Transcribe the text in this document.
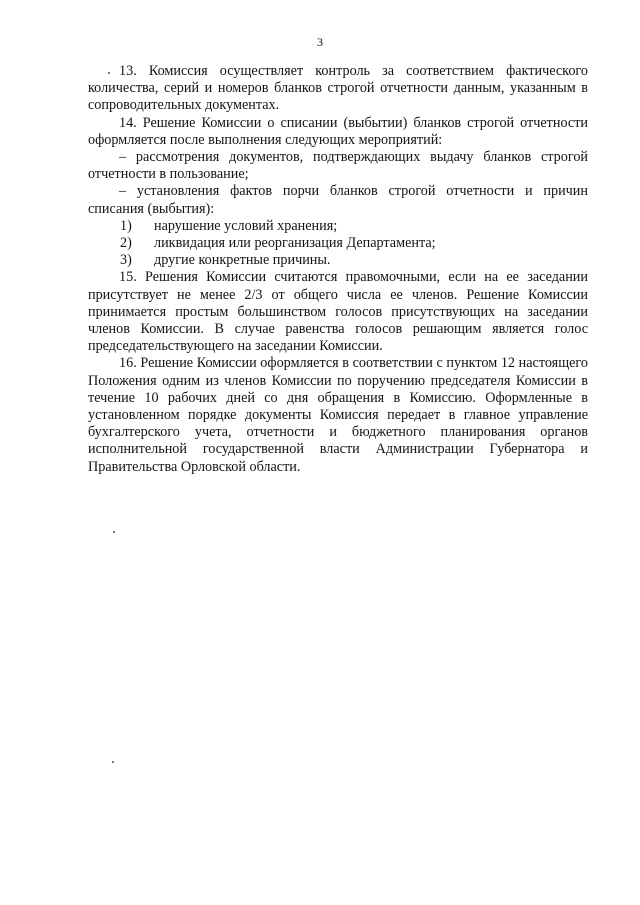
3

13. Комиссия осуществляет контроль за соответствием фактического количества, серий и номеров бланков строгой отчетности данным, указанным в сопроводительных документах.

14. Решение Комиссии о списании (выбытии) бланков строгой отчетности оформляется после выполнения следующих мероприятий:

– рассмотрения документов, подтверждающих выдачу бланков строгой отчетности в пользование;

– установления фактов порчи бланков строгой отчетности и причин списания (выбытия):

1)	нарушение условий хранения;
2)	ликвидация или реорганизация Департамента;
3)	другие конкретные причины.

15. Решения Комиссии считаются правомочными, если на ее заседании присутствует не менее 2/3 от общего числа ее членов. Решение Комиссии принимается простым большинством голосов присутствующих на заседании членов Комиссии. В случае равенства голосов решающим является голос председательствующего на заседании Комиссии.

16. Решение Комиссии оформляется в соответствии с пунктом 12 настоящего Положения одним из членов Комиссии по поручению председателя Комиссии в течение 10 рабочих дней со дня обращения в Комиссию. Оформленные в установленном порядке документы Комиссия передает в главное управление бухгалтерского учета, отчетности и бюджетного планирования органов исполнительной государственной власти Администрации Губернатора и Правительства Орловской области.
